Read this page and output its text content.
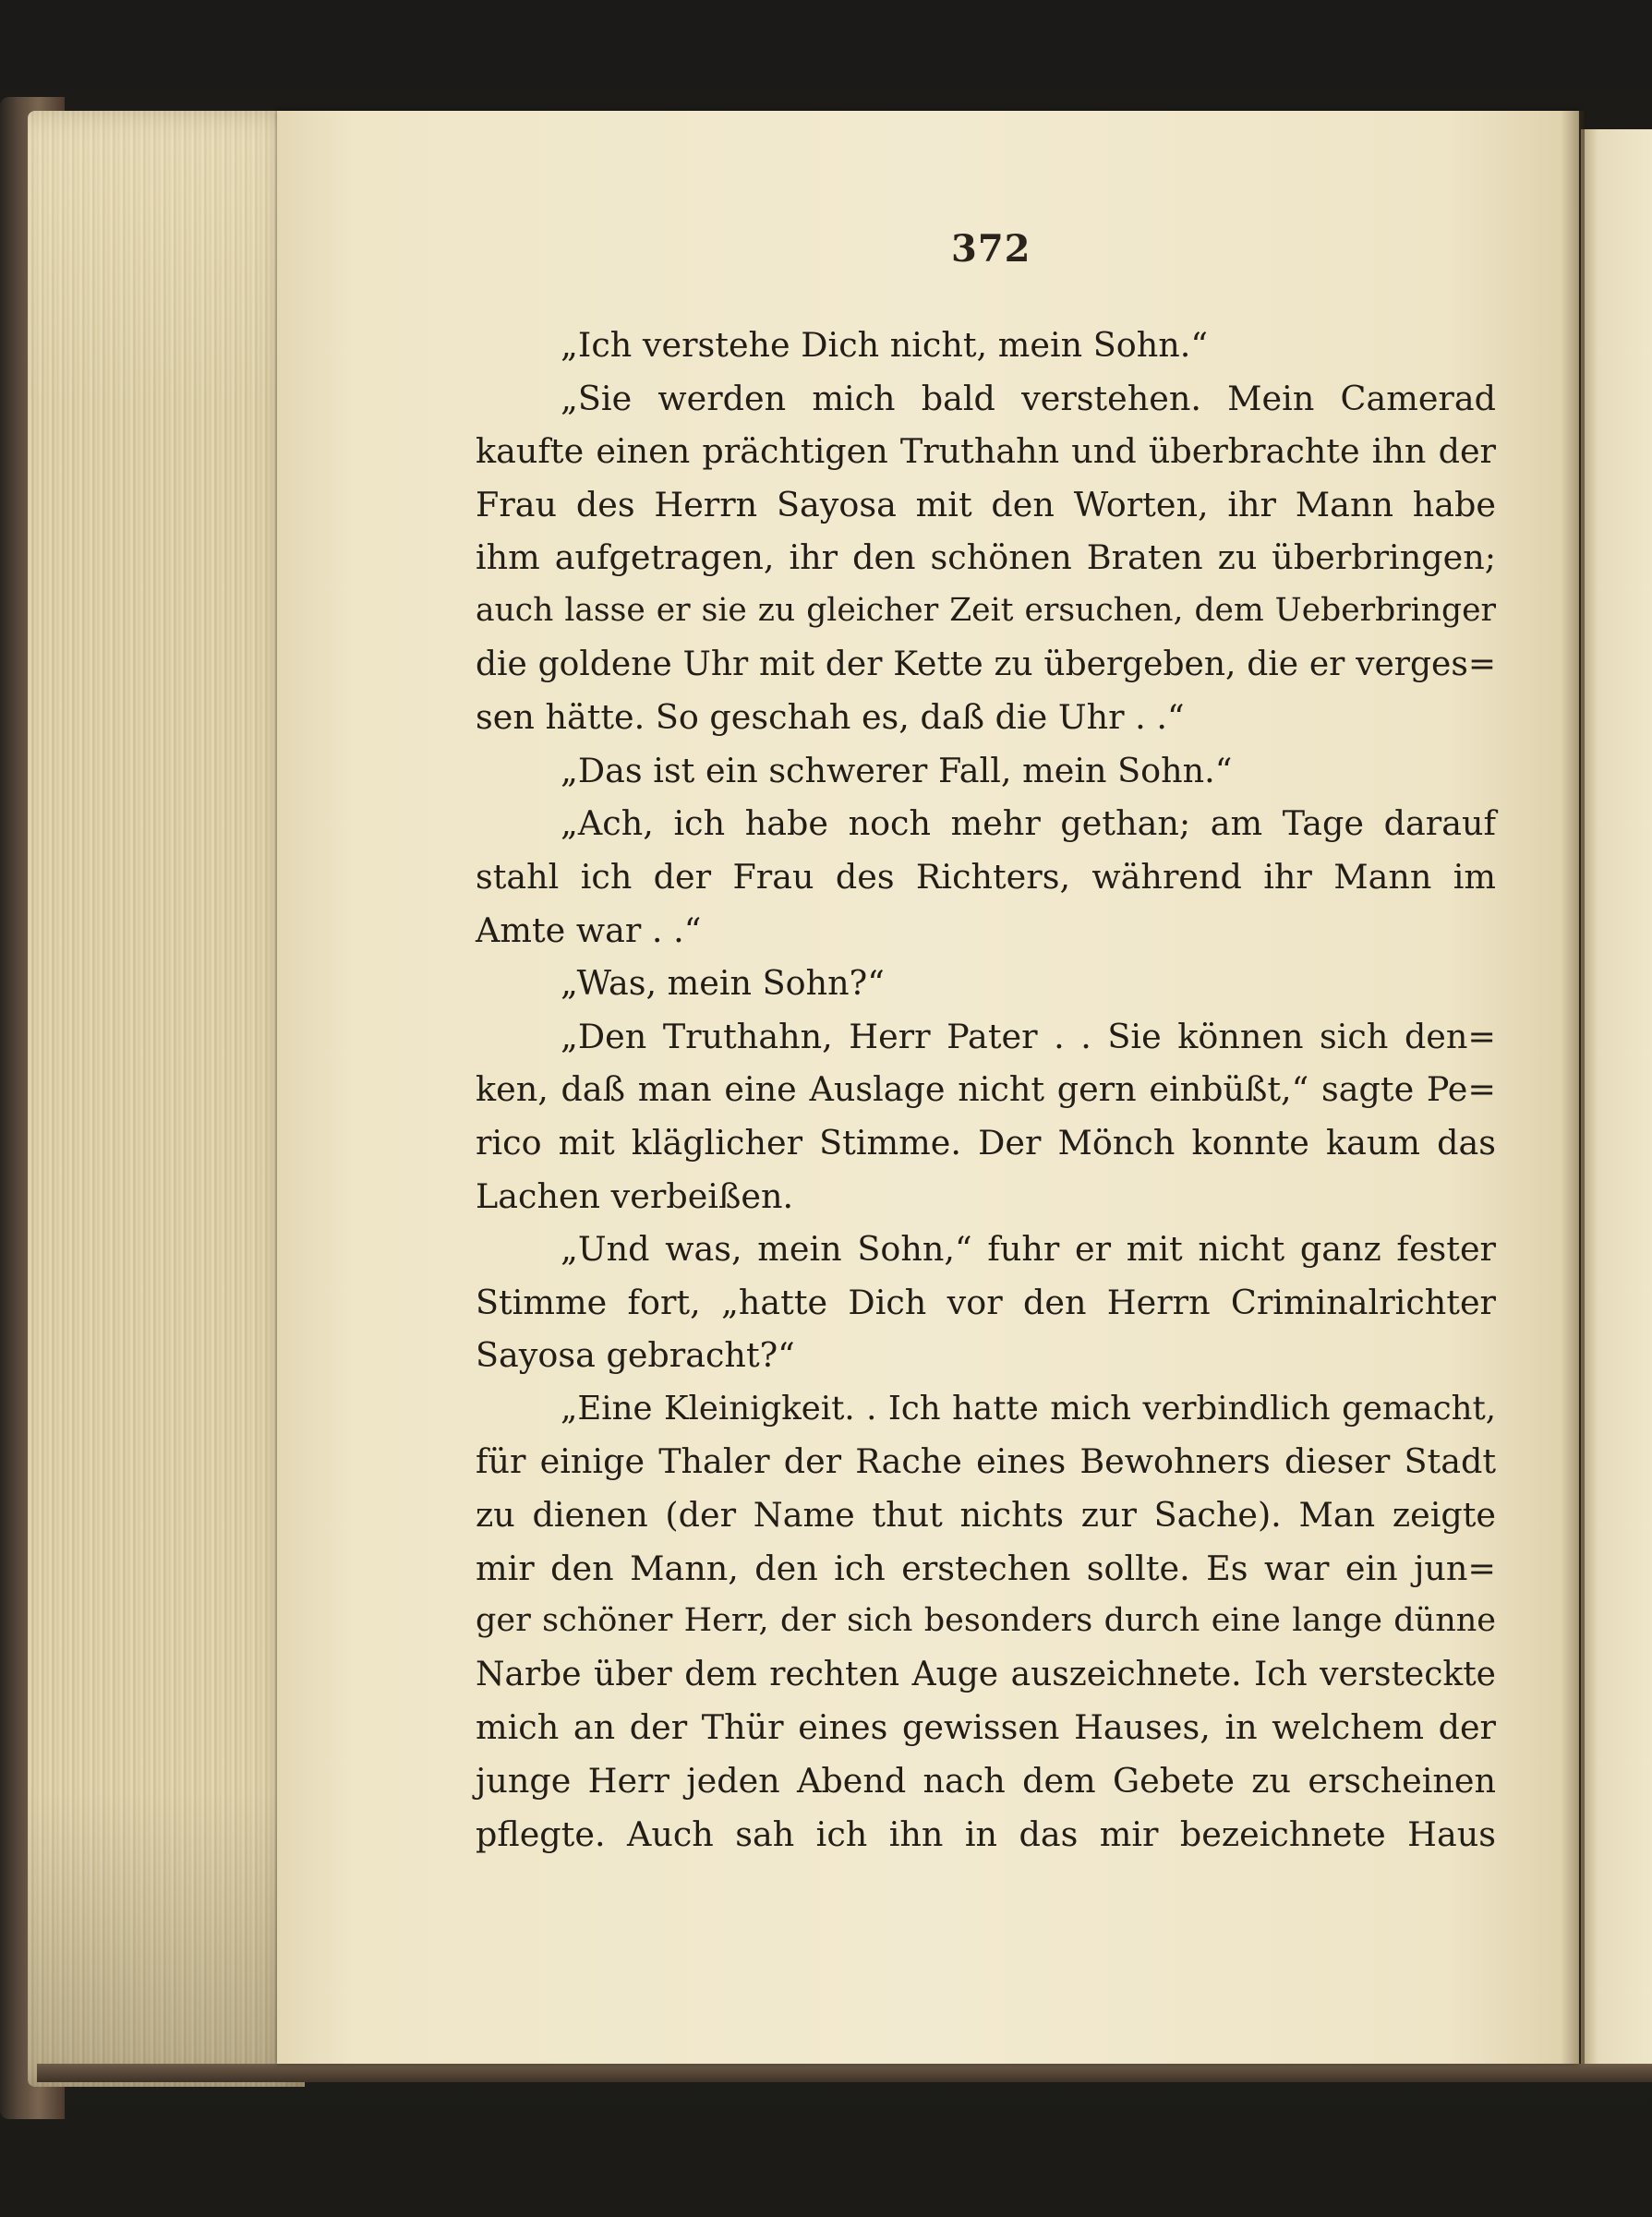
372
„Ich verstehe Dich nicht, mein Sohn.“
„Sie werden mich bald verstehen. Mein Camerad
kaufte einen prächtigen Truthahn und überbrachte ihn der
Frau des Herrn Sayosa mit den Worten, ihr Mann habe
ihm aufgetragen, ihr den schönen Braten zu überbringen;
auch lasse er sie zu gleicher Zeit ersuchen, dem Ueberbringer
die goldene Uhr mit der Kette zu übergeben, die er verges=
sen hätte. So geschah es, daß die Uhr . .“
„Das ist ein schwerer Fall, mein Sohn.“
„Ach, ich habe noch mehr gethan; am Tage darauf
stahl ich der Frau des Richters, während ihr Mann im
Amte war . .“
„Was, mein Sohn?“
„Den Truthahn, Herr Pater . . Sie können sich den=
ken, daß man eine Auslage nicht gern einbüßt,“ sagte Pe=
rico mit kläglicher Stimme. Der Mönch konnte kaum das
Lachen verbeißen.
„Und was, mein Sohn,“ fuhr er mit nicht ganz fester
Stimme fort, „hatte Dich vor den Herrn Criminalrichter
Sayosa gebracht?“
„Eine Kleinigkeit. . Ich hatte mich verbindlich gemacht,
für einige Thaler der Rache eines Bewohners dieser Stadt
zu dienen (der Name thut nichts zur Sache). Man zeigte
mir den Mann, den ich erstechen sollte. Es war ein jun=
ger schöner Herr, der sich besonders durch eine lange dünne
Narbe über dem rechten Auge auszeichnete. Ich versteckte
mich an der Thür eines gewissen Hauses, in welchem der
junge Herr jeden Abend nach dem Gebete zu erscheinen
pflegte. Auch sah ich ihn in das mir bezeichnete Haus
